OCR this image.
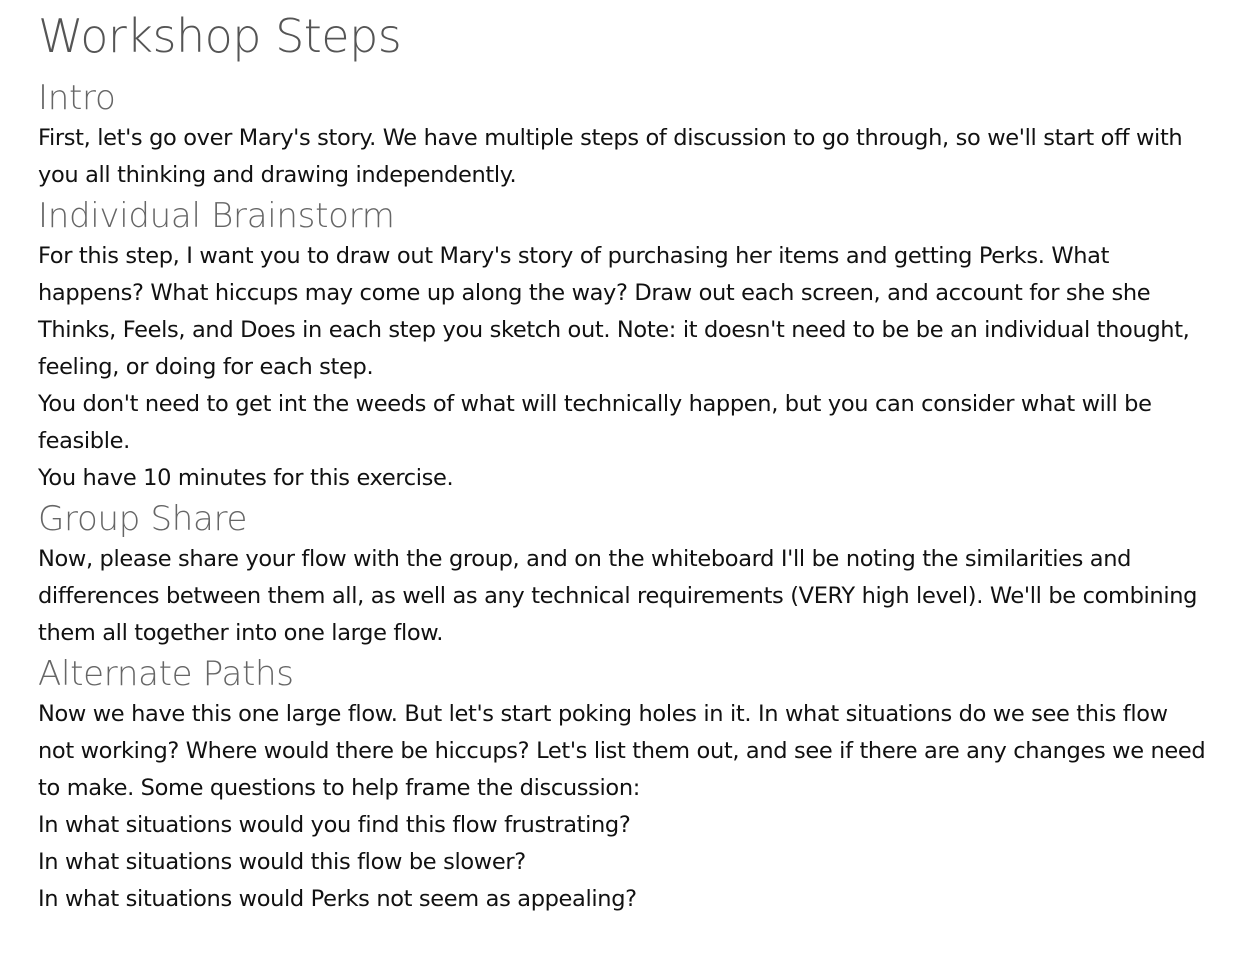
Workshop Steps
Intro

First, let's go over Mary's story. We have multiple steps of discussion to go through, so we'll start off with you all thinking and drawing independently.

Individual Brainstorm

For this step, I want you to draw out Mary's story of purchasing her items and getting Perks. What happens? What hiccups may come up along the way? Draw out each screen, and account for she she Thinks, Feels, and Does in each step you sketch out. Note: it doesn't need to be be an individual thought, feeling, or doing for each step.

You don't need to get int the weeds of what will technically happen, but you can consider what will be feasible.

You have 10 minutes for this exercise.

Group Share

Now, please share your flow with the group, and on the whiteboard I'll be noting the similarities and differences between them all, as well as any technical requirements (VERY high level). We'll be combining them all together into one large flow.

Alternate Paths

Now we have this one large flow. But let's start poking holes in it. In what situations do we see this flow not working? Where would there be hiccups? Let's list them out, and see if there are any changes we need to make. Some questions to help frame the discussion:

In what situations would you find this flow frustrating?

In what situations would this flow be slower?

In what situations would Perks not seem as appealing?
